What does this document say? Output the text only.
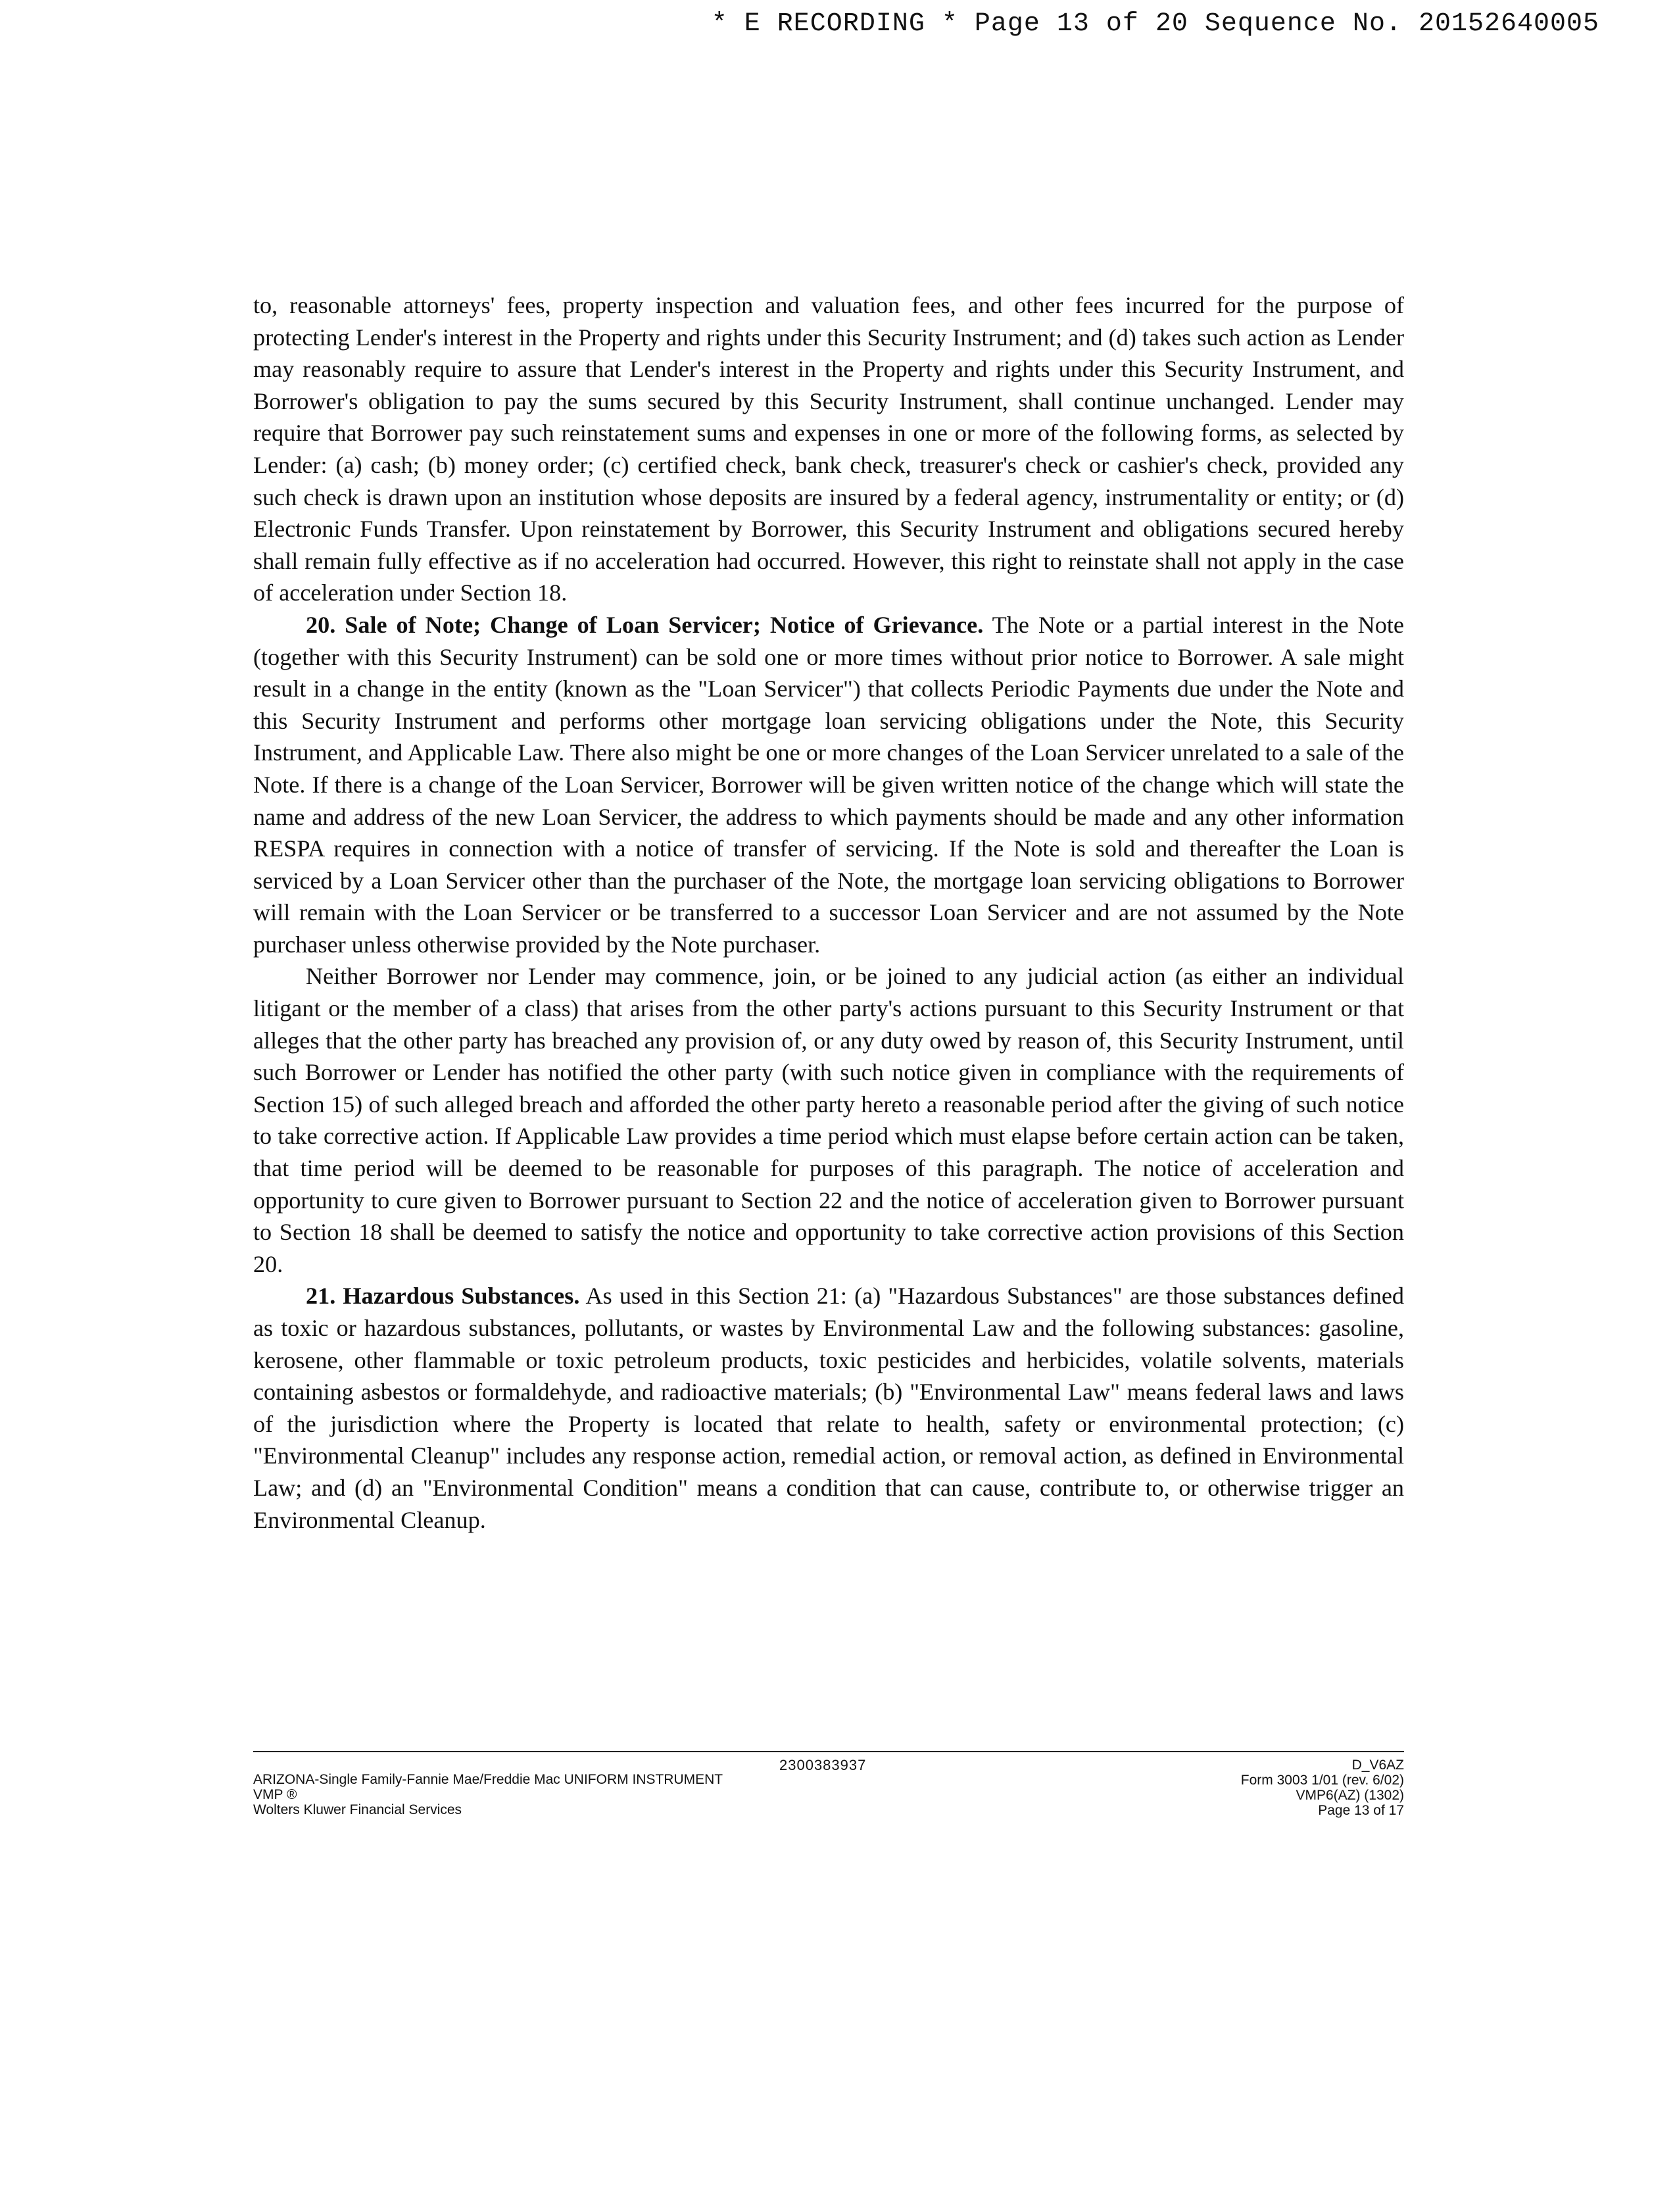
* E RECORDING * Page 13 of 20 Sequence No. 20152640005

to, reasonable attorneys' fees, property inspection and valuation fees, and other fees incurred for the purpose of protecting Lender's interest in the Property and rights under this Security Instrument; and (d) takes such action as Lender may reasonably require to assure that Lender's interest in the Property and rights under this Security Instrument, and Borrower's obligation to pay the sums secured by this Security Instrument, shall continue unchanged. Lender may require that Borrower pay such reinstatement sums and expenses in one or more of the following forms, as selected by Lender: (a) cash; (b) money order; (c) certified check, bank check, treasurer's check or cashier's check, provided any such check is drawn upon an institution whose deposits are insured by a federal agency, instrumentality or entity; or (d) Electronic Funds Transfer. Upon reinstatement by Borrower, this Security Instrument and obligations secured hereby shall remain fully effective as if no acceleration had occurred. However, this right to reinstate shall not apply in the case of acceleration under Section 18.

20. Sale of Note; Change of Loan Servicer; Notice of Grievance. The Note or a partial interest in the Note (together with this Security Instrument) can be sold one or more times without prior notice to Borrower. A sale might result in a change in the entity (known as the "Loan Servicer") that collects Periodic Payments due under the Note and this Security Instrument and performs other mortgage loan servicing obligations under the Note, this Security Instrument, and Applicable Law. There also might be one or more changes of the Loan Servicer unrelated to a sale of the Note. If there is a change of the Loan Servicer, Borrower will be given written notice of the change which will state the name and address of the new Loan Servicer, the address to which payments should be made and any other information RESPA requires in connection with a notice of transfer of servicing. If the Note is sold and thereafter the Loan is serviced by a Loan Servicer other than the purchaser of the Note, the mortgage loan servicing obligations to Borrower will remain with the Loan Servicer or be transferred to a successor Loan Servicer and are not assumed by the Note purchaser unless otherwise provided by the Note purchaser.

Neither Borrower nor Lender may commence, join, or be joined to any judicial action (as either an individual litigant or the member of a class) that arises from the other party's actions pursuant to this Security Instrument or that alleges that the other party has breached any provision of, or any duty owed by reason of, this Security Instrument, until such Borrower or Lender has notified the other party (with such notice given in compliance with the requirements of Section 15) of such alleged breach and afforded the other party hereto a reasonable period after the giving of such notice to take corrective action. If Applicable Law provides a time period which must elapse before certain action can be taken, that time period will be deemed to be reasonable for purposes of this paragraph. The notice of acceleration and opportunity to cure given to Borrower pursuant to Section 22 and the notice of acceleration given to Borrower pursuant to Section 18 shall be deemed to satisfy the notice and opportunity to take corrective action provisions of this Section 20.

21. Hazardous Substances. As used in this Section 21: (a) "Hazardous Substances" are those substances defined as toxic or hazardous substances, pollutants, or wastes by Environmental Law and the following substances: gasoline, kerosene, other flammable or toxic petroleum products, toxic pesticides and herbicides, volatile solvents, materials containing asbestos or formaldehyde, and radioactive materials; (b) "Environmental Law" means federal laws and laws of the jurisdiction where the Property is located that relate to health, safety or environmental protection; (c) "Environmental Cleanup" includes any response action, remedial action, or removal action, as defined in Environmental Law; and (d) an "Environmental Condition" means a condition that can cause, contribute to, or otherwise trigger an Environmental Cleanup.

2300383937
ARIZONA-Single Family-Fannie Mae/Freddie Mac UNIFORM INSTRUMENT
VMP ®
Wolters Kluwer Financial Services
D_V6AZ
Form 3003 1/01 (rev. 6/02)
VMP6(AZ) (1302)
Page 13 of 17
